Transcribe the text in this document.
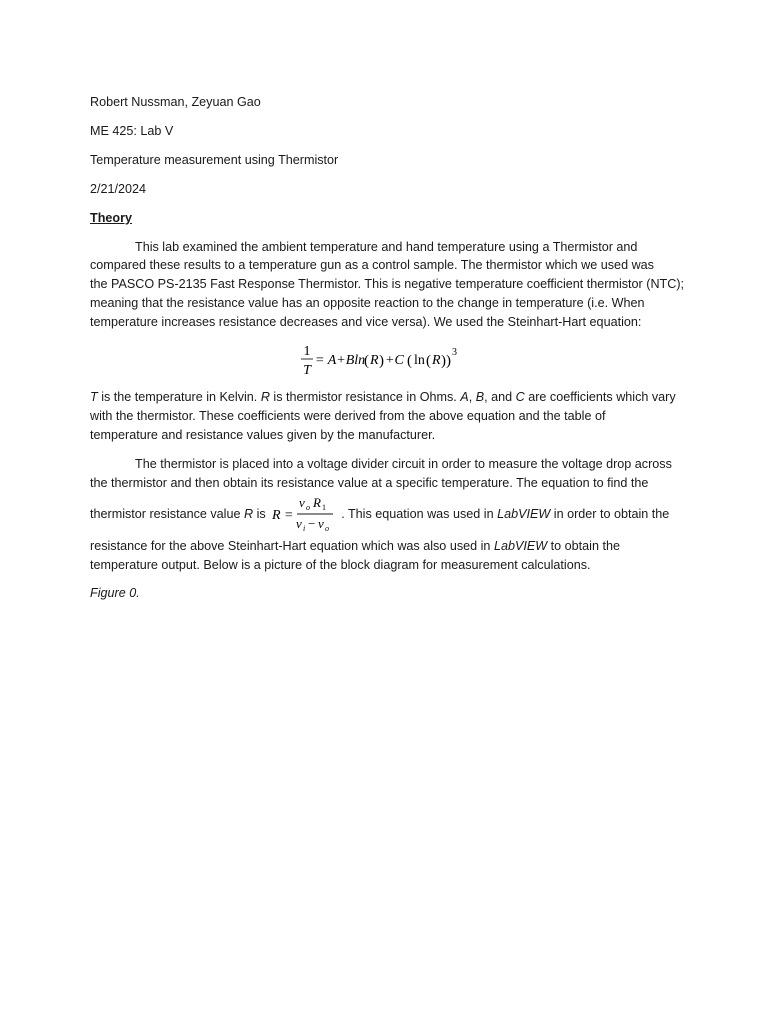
Robert Nussman, Zeyuan Gao

ME 425: Lab V

Temperature measurement using Thermistor

2/21/2024

Theory

This lab examined the ambient temperature and hand temperature using a Thermistor and
compared these results to a temperature gun as a control sample. The thermistor which we used was
the PASCO PS-2135 Fast Response Thermistor. This is negative temperature coefficient thermistor (NTC);
meaning that the resistance value has an opposite reaction to the change in temperature (i.e. When
temperature increases resistance decreases and vice versa). We used the Steinhart-Hart equation:
1
T
= A+Bln
( R ) +C ( ln ( R ) )
3
T is the temperature in Kelvin. R is thermistor resistance in Ohms. A, B, and C are coefficients which vary
with the thermistor. These coefficients were derived from the above equation and the table of
temperature and resistance values given by the manufacturer.
The thermistor is placed into a voltage divider circuit in order to measure the voltage drop across
the thermistor and then obtain its resistance value at a specific temperature. The equation to find the
thermistor resistance value R is R =
v o R 1
v i − v o
. This equation was used in LabVIEW in order to obtain the
resistance for the above Steinhart-Hart equation which was also used in LabVIEW to obtain the
temperature output. Below is a picture of the block diagram for measurement calculations.

Figure 0.
